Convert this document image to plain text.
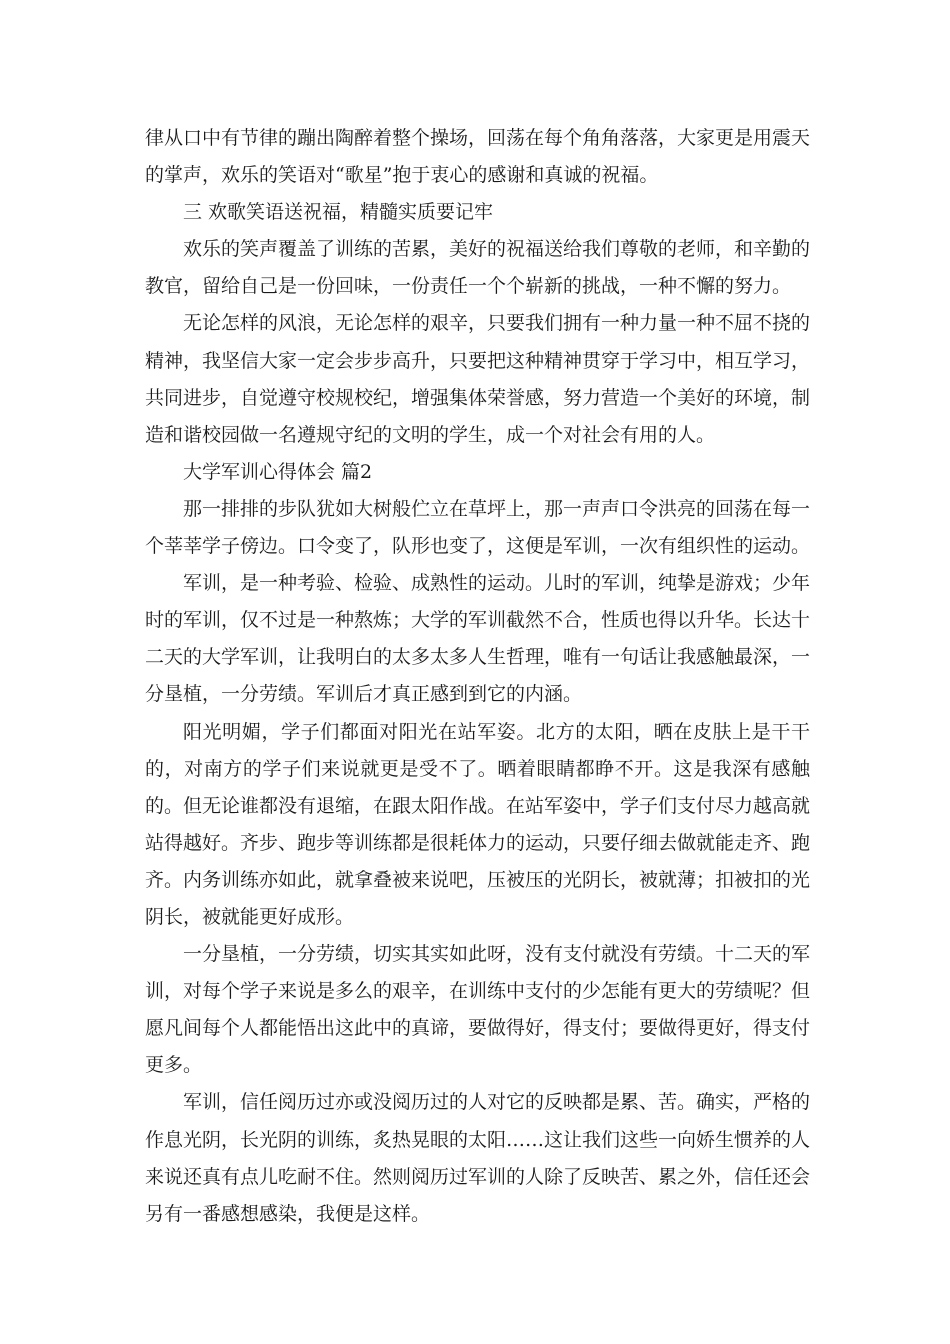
律从口中有节律的蹦出陶醉着整个操场，回荡在每个角角落落，大家更是用震天的掌声，欢乐的笑语对“歌星”抱于衷心的感谢和真诚的祝福。

三 欢歌笑语送祝福，精髓实质要记牢

欢乐的笑声覆盖了训练的苦累，美好的祝福送给我们尊敬的老师，和辛勤的教官，留给自己是一份回味，一份责任一个个崭新的挑战，一种不懈的努力。

无论怎样的风浪，无论怎样的艰辛，只要我们拥有一种力量一种不屈不挠的精神，我坚信大家一定会步步高升，只要把这种精神贯穿于学习中，相互学习，共同进步，自觉遵守校规校纪，增强集体荣誉感，努力营造一个美好的环境，制造和谐校园做一名遵规守纪的文明的学生，成一个对社会有用的人。

大学军训心得体会 篇2

那一排排的步队犹如大树般伫立在草坪上，那一声声口令洪亮的回荡在每一个莘莘学子傍边。口令变了，队形也变了，这便是军训，一次有组织性的运动。

军训，是一种考验、检验、成熟性的运动。儿时的军训，纯挚是游戏；少年时的军训，仅不过是一种熬炼；大学的军训截然不合，性质也得以升华。长达十二天的大学军训，让我明白的太多太多人生哲理，唯有一句话让我感触最深，一分垦植，一分劳绩。军训后才真正感到到它的内涵。

阳光明媚，学子们都面对阳光在站军姿。北方的太阳，晒在皮肤上是干干的，对南方的学子们来说就更是受不了。晒着眼睛都睁不开。这是我深有感触的。但无论谁都没有退缩，在跟太阳作战。在站军姿中，学子们支付尽力越高就站得越好。齐步、跑步等训练都是很耗体力的运动，只要仔细去做就能走齐、跑齐。内务训练亦如此，就拿叠被来说吧，压被压的光阴长，被就薄；扣被扣的光阴长，被就能更好成形。

一分垦植，一分劳绩，切实其实如此呀，没有支付就没有劳绩。十二天的军训，对每个学子来说是多么的艰辛，在训练中支付的少怎能有更大的劳绩呢？但愿凡间每个人都能悟出这此中的真谛，要做得好，得支付；要做得更好，得支付更多。

军训，信任阅历过亦或没阅历过的人对它的反映都是累、苦。确实，严格的作息光阴，长光阴的训练，炙热晃眼的太阳……这让我们这些一向娇生惯养的人来说还真有点儿吃耐不住。然则阅历过军训的人除了反映苦、累之外，信任还会另有一番感想感染，我便是这样。
